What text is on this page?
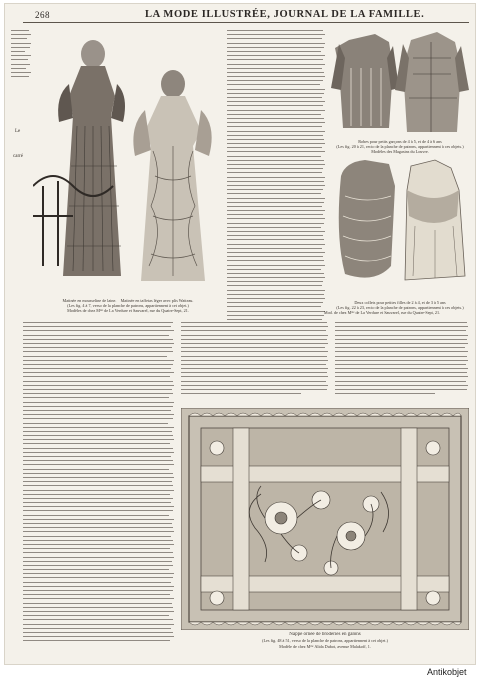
268	LA MODE ILLUSTRÉE, JOURNAL DE LA FAMILLE.
Le
carré
Matinée en mousseline de laine. Matinée en taffetas léger avec plis Watteau.
(Les fig. 4 à 7, verso de la planche de patrons, appartiennent à cet objet.)
Modèles de chez Mᵐᵉ de La Verdure et Sauvarel, rue du Quatre-Sept, 21.
Robes pour petits garçons de 4 à 5, et de 4 à 6 ans
(Les fig. 20 à 21, recto de la planche de patrons, appartiennent à ces objets.)
Modèles des Magasins du Louvre.
Deux collets pour petites filles de 2 à 4, et de 3 à 5 ans
(Les fig. 22 à 23, recto de la planche de patrons, appartiennent à ces objets.)
Mod. de chez Mᵐᵉ de La Verdure et Sauvarel, rue du Quatre-Sept, 21.
Nappe ornée de broderies en galons
(Les fig. 48 à 51, verso de la planche de patrons, appartiennent à cet objet.)
Modèle de chez Mᵐᵉ Alida Dubot, avenue Malakoff, 1.
Antikobjet
